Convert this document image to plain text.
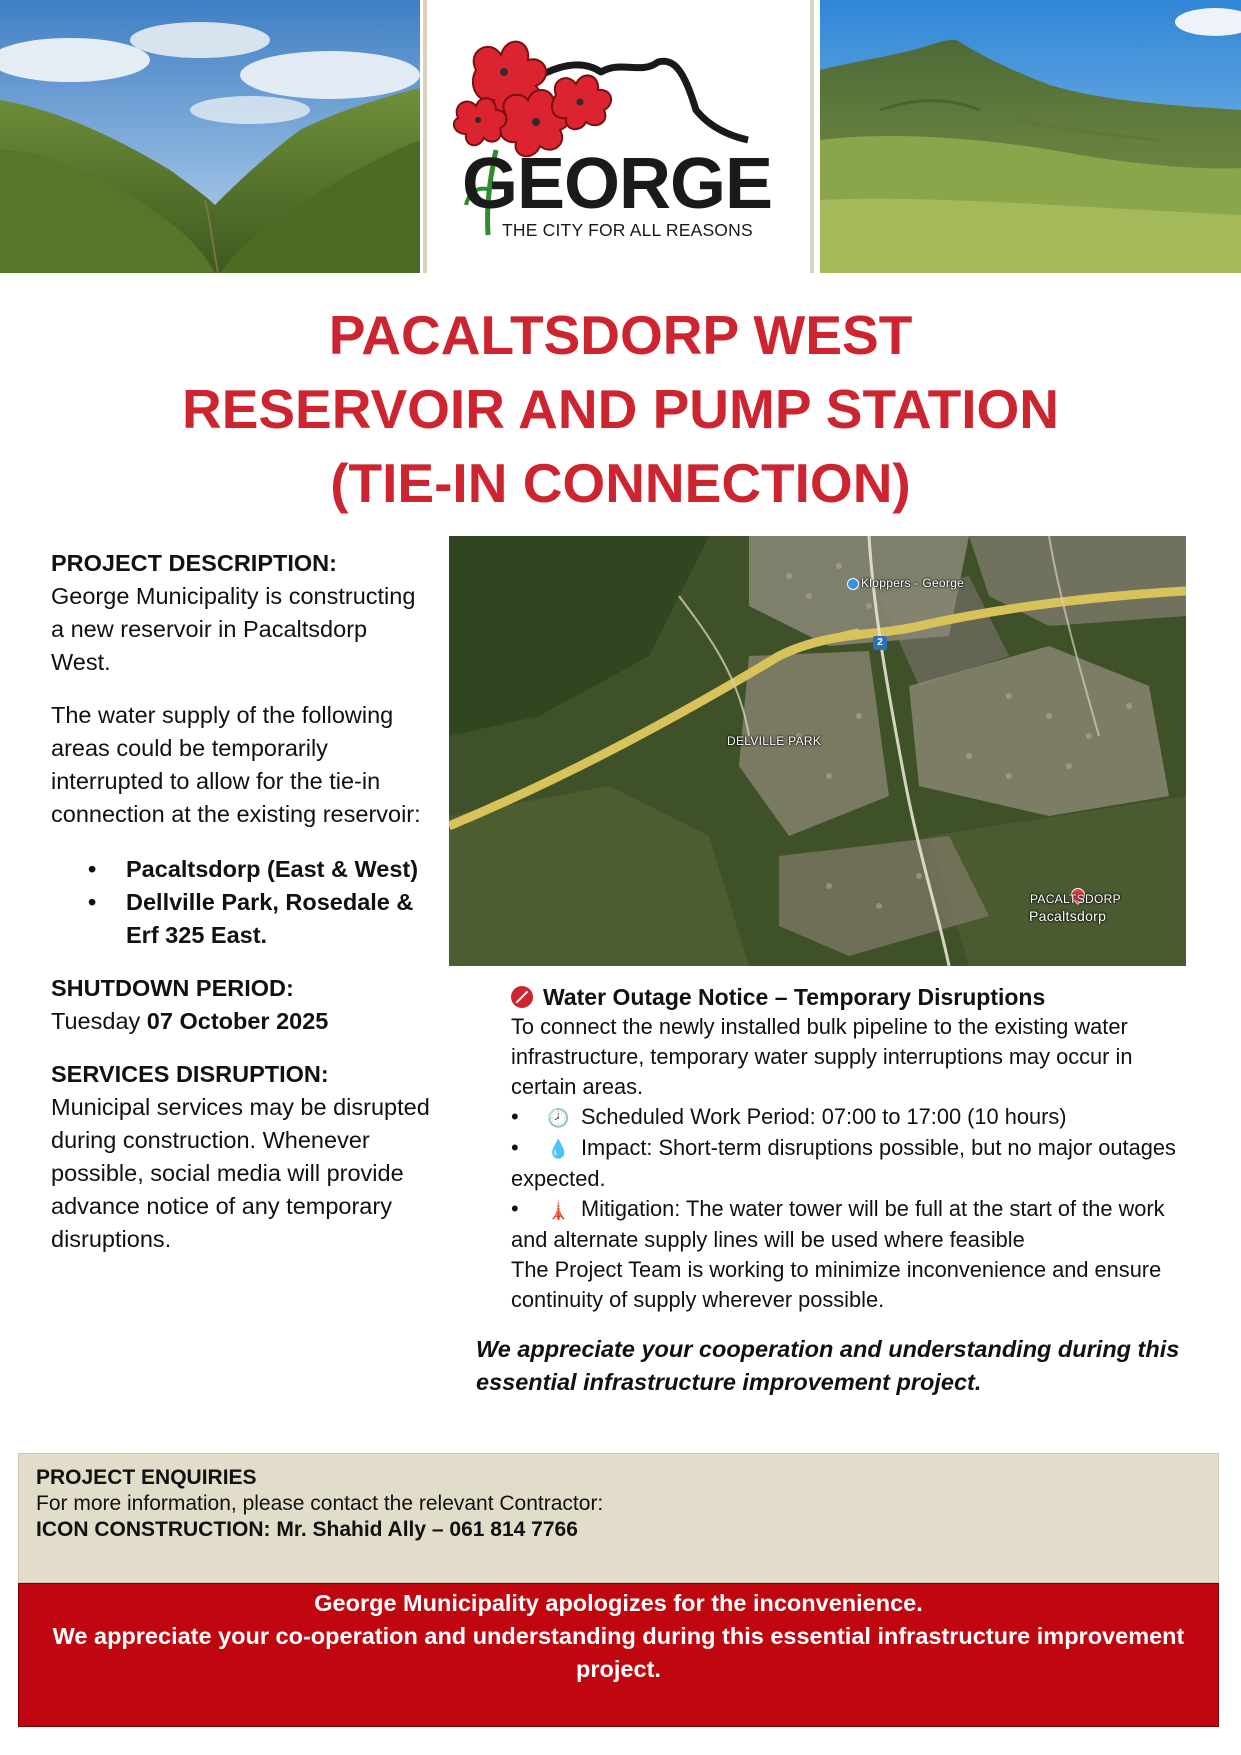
GEORGE
THE CITY FOR ALL REASONS
PACALTSDORP WEST
RESERVOIR AND PUMP STATION
(TIE-IN CONNECTION)

PROJECT DESCRIPTION:

George Municipality is constructing a new reservoir in Pacaltsdorp West.

The water supply of the following areas could be temporarily interrupted to allow for the tie-in connection at the existing reservoir:

• Pacaltsdorp (East & West)
• Dellville Park, Rosedale & Erf 325 East.

SHUTDOWN PERIOD:

Tuesday 07 October 2025

SERVICES DISRUPTION:

Municipal services may be disrupted during construction. Whenever possible, social media will provide advance notice of any temporary disruptions.

2
Kloppers - George
DELVILLE PARK
PACALTSDORP
Pacaltsdorp

Water Outage Notice – Temporary Disruptions

To connect the newly installed bulk pipeline to the existing water infrastructure, temporary water supply interruptions may occur in certain areas.

• 🕗 Scheduled Work Period: 07:00 to 17:00 (10 hours)

• 💧 Impact: Short-term disruptions possible, but no major outages expected.

• 🗼 Mitigation: The water tower will be full at the start of the work and alternate supply lines will be used where feasible

The Project Team is working to minimize inconvenience and ensure continuity of supply wherever possible.

We appreciate your cooperation and understanding during this essential infrastructure improvement project.

PROJECT ENQUIRIES

For more information, please contact the relevant Contractor:

ICON CONSTRUCTION: Mr. Shahid Ally – 061 814 7766

George Municipality apologizes for the inconvenience.

We appreciate your co-operation and understanding during this essential infrastructure improvement project.
